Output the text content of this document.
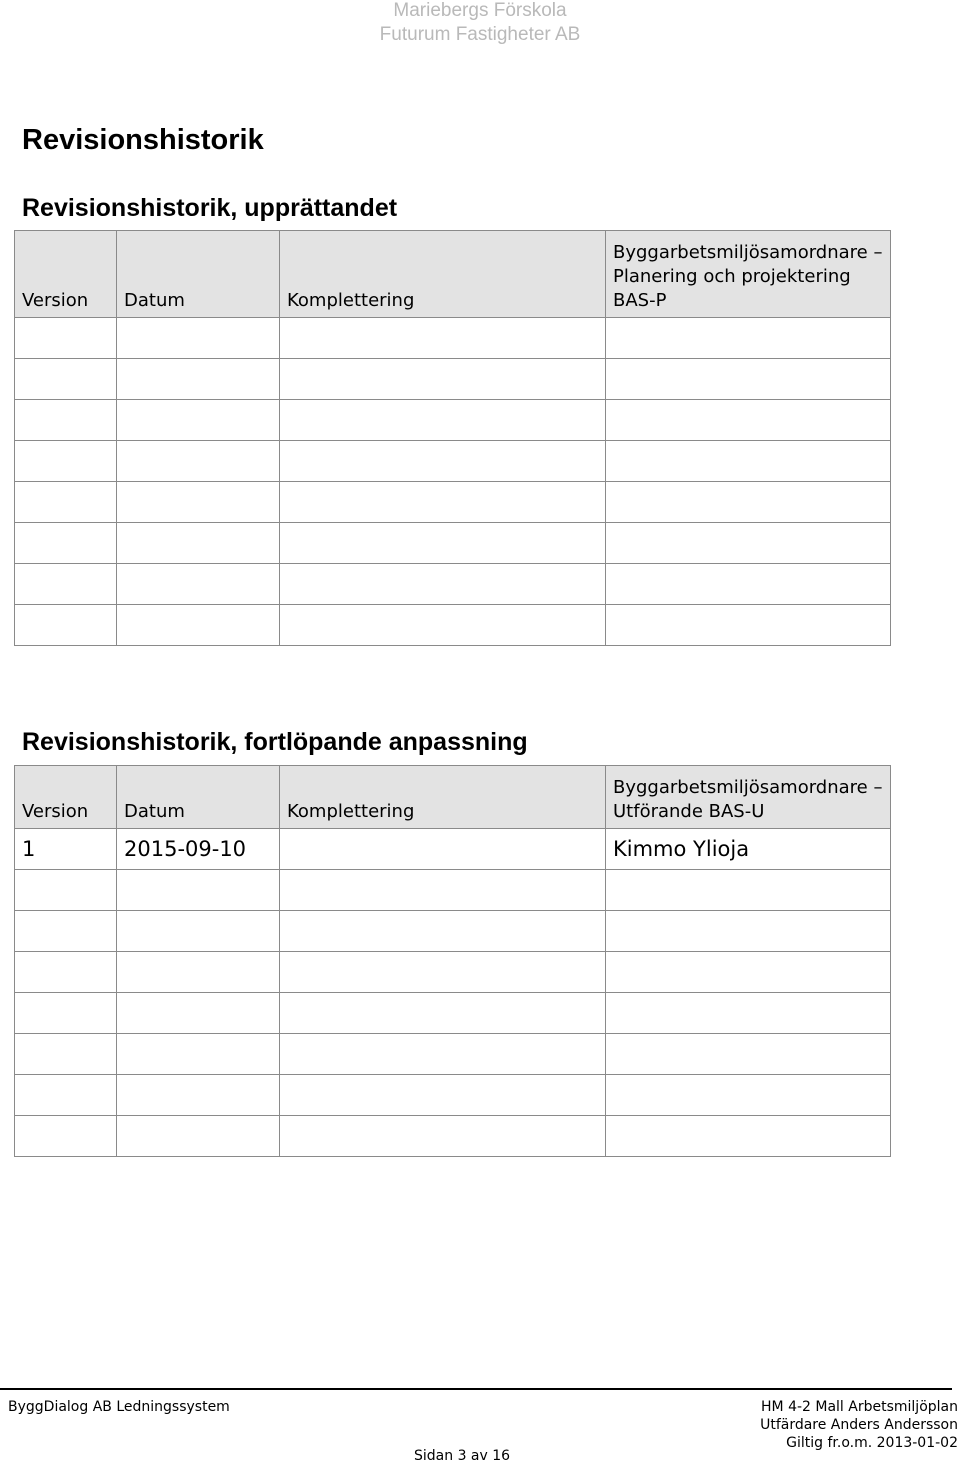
Mariebergs Förskola
Futurum Fastigheter AB
Revisionshistorik
Revisionshistorik, upprättandet
Version	Datum	Komplettering	Byggarbetsmiljösamordnare – Planering och projektering BAS-P

Revisionshistorik, fortlöpande anpassning
Version	Datum	Komplettering	Byggarbetsmiljösamordnare – Utförande BAS-U
1	2015-09-10		Kimmo Ylioja

ByggDialog AB Ledningssystem
Sidan 3 av 16
HM 4-2 Mall Arbetsmiljöplan
Utfärdare Anders Andersson
Giltig fr.o.m. 2013-01-02
